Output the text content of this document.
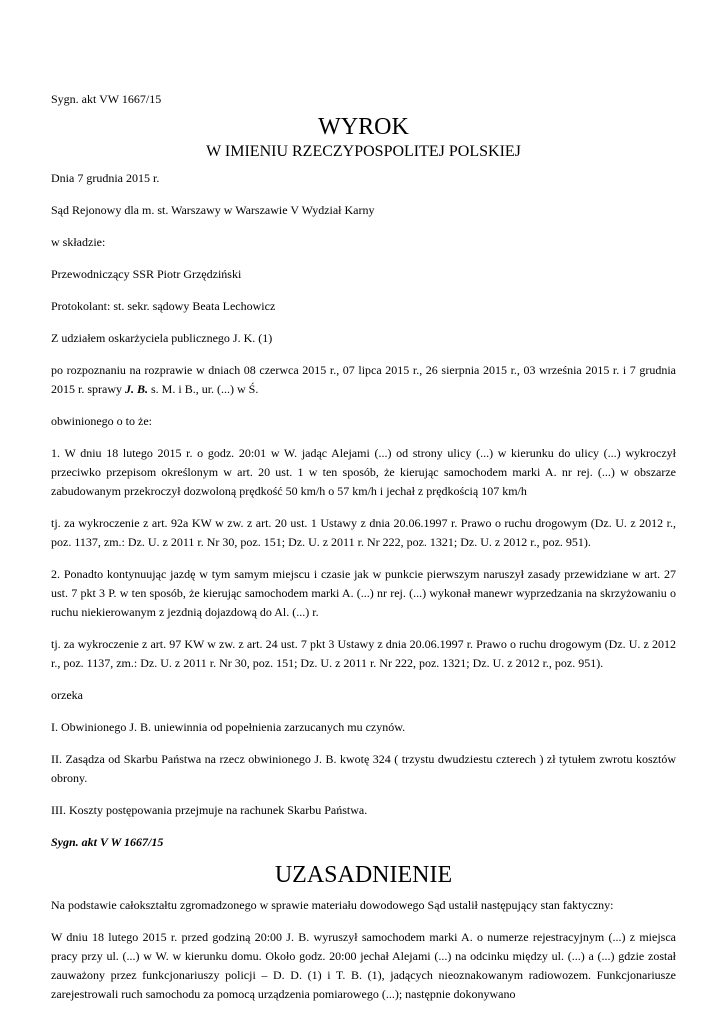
Sygn. akt VW 1667/15

WYROK
W IMIENIU RZECZYPOSPOLITEJ POLSKIEJ

Dnia 7 grudnia 2015 r.

Sąd Rejonowy dla m. st. Warszawy w Warszawie V Wydział Karny

w składzie:

Przewodniczący SSR Piotr Grzędziński

Protokolant: st. sekr. sądowy Beata Lechowicz

Z udziałem oskarżyciela publicznego J. K. (1)

po rozpoznaniu na rozprawie w dniach 08 czerwca 2015 r., 07 lipca 2015 r., 26 sierpnia 2015 r., 03 września 2015 r. i 7 grudnia 2015 r. sprawy J. B. s. M. i B., ur. (...) w Ś.

obwinionego o to że:

1. W dniu 18 lutego 2015 r. o godz. 20:01 w W. jadąc Alejami (...) od strony ulicy (...) w kierunku do ulicy (...) wykroczył przeciwko przepisom określonym w art. 20 ust. 1 w ten sposób, że kierując samochodem marki A. nr rej. (...) w obszarze zabudowanym przekroczył dozwoloną prędkość 50 km/h o 57 km/h i jechał z prędkością 107 km/h

tj. za wykroczenie z art. 92a KW w zw. z art. 20 ust. 1 Ustawy z dnia 20.06.1997 r. Prawo o ruchu drogowym (Dz. U. z 2012 r., poz. 1137, zm.: Dz. U. z 2011 r. Nr 30, poz. 151; Dz. U. z 2011 r. Nr 222, poz. 1321; Dz. U. z 2012 r., poz. 951).

2. Ponadto kontynuując jazdę w tym samym miejscu i czasie jak w punkcie pierwszym naruszył zasady przewidziane w art. 27 ust. 7 pkt 3 P. w ten sposób, że kierując samochodem marki A. (...) nr rej. (...) wykonał manewr wyprzedzania na skrzyżowaniu o ruchu niekierowanym z jezdnią dojazdową do Al. (...) r.

tj. za wykroczenie z art. 97 KW w zw. z art. 24 ust. 7 pkt 3 Ustawy z dnia 20.06.1997 r. Prawo o ruchu drogowym (Dz. U. z 2012 r., poz. 1137, zm.: Dz. U. z 2011 r. Nr 30, poz. 151; Dz. U. z 2011 r. Nr 222, poz. 1321; Dz. U. z 2012 r., poz. 951).

orzeka

I. Obwinionego J. B. uniewinnia od popełnienia zarzucanych mu czynów.

II. Zasądza od Skarbu Państwa na rzecz obwinionego J. B. kwotę 324 ( trzystu dwudziestu czterech ) zł tytułem zwrotu kosztów obrony.

III. Koszty postępowania przejmuje na rachunek Skarbu Państwa.

Sygn. akt V W 1667/15

UZASADNIENIE

Na podstawie całokształtu zgromadzonego w sprawie materiału dowodowego Sąd ustalił następujący stan faktyczny:

W dniu 18 lutego 2015 r. przed godziną 20:00 J. B. wyruszył samochodem marki A. o numerze rejestracyjnym (...) z miejsca pracy przy ul. (...) w W. w kierunku domu. Około godz. 20:00 jechał Alejami (...) na odcinku między ul. (...) a (...) gdzie został zauważony przez funkcjonariuszy policji – D. D. (1) i T. B. (1), jadących nieoznakowanym radiowozem. Funkcjonariusze zarejestrowali ruch samochodu za pomocą urządzenia pomiarowego (...); następnie dokonywano
